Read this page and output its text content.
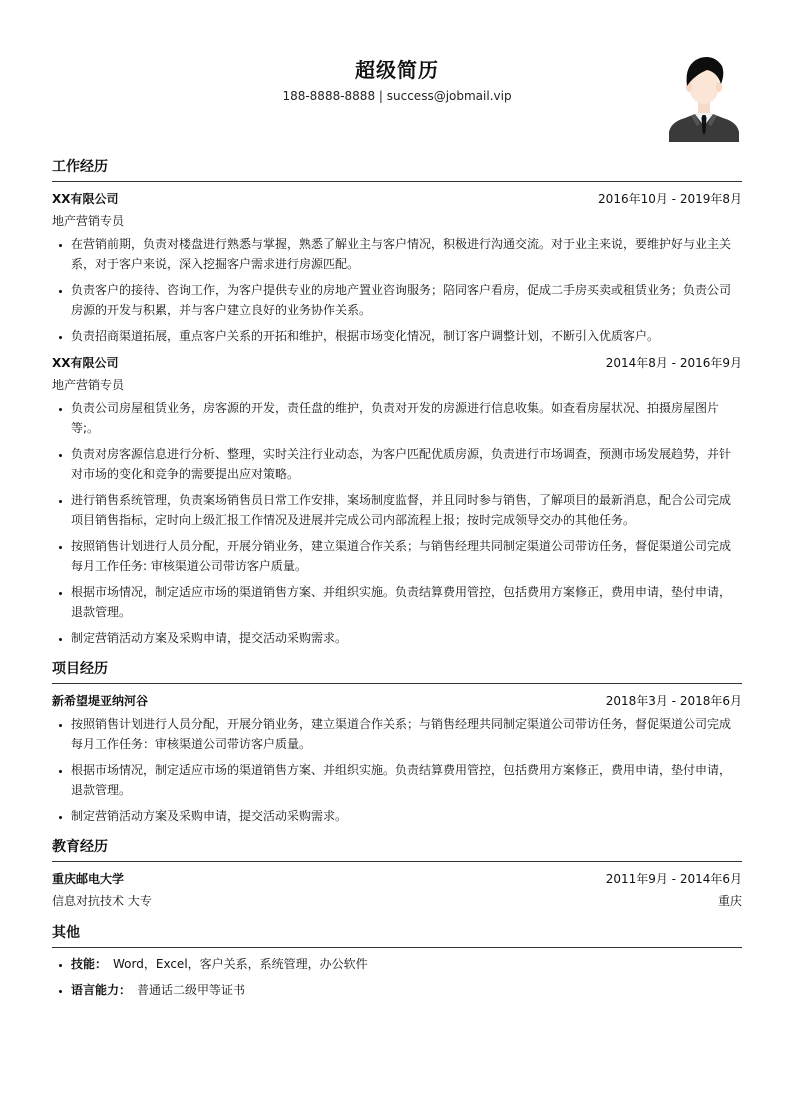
超级简历
188-8888-8888 | success@jobmail.vip
工作经历
XX有限公司	2016年10月 - 2019年8月
地产营销专员
• 在营销前期，负责对楼盘进行熟悉与掌握，熟悉了解业主与客户情况，积极进行沟通交流。对于业主来说，要维护好与业主关系，对于客户来说，深入挖掘客户需求进行房源匹配。
• 负责客户的接待、咨询工作，为客户提供专业的房地产置业咨询服务；陪同客户看房，促成二手房买卖或租赁业务；负责公司房源的开发与积累，并与客户建立良好的业务协作关系。
• 负责招商渠道拓展，重点客户关系的开拓和维护，根据市场变化情况，制订客户调整计划，不断引入优质客户。
XX有限公司	2014年8月 - 2016年9月
地产营销专员
• 负责公司房屋租赁业务，房客源的开发，责任盘的维护，负责对开发的房源进行信息收集。如查看房屋状况、拍摄房屋图片等;。
• 负责对房客源信息进行分析、整理，实时关注行业动态，为客户匹配优质房源，负责进行市场调查，预测市场发展趋势，并针对市场的变化和竞争的需要提出应对策略。
• 进行销售系统管理，负责案场销售员日常工作安排，案场制度监督，并且同时参与销售，了解项目的最新消息，配合公司完成项目销售指标，定时向上级汇报工作情况及进展并完成公司内部流程上报；按时完成领导交办的其他任务。
• 按照销售计划进行人员分配，开展分销业务，建立渠道合作关系；与销售经理共同制定渠道公司带访任务，督促渠道公司完成每月工作任务: 审核渠道公司带访客户质量。
• 根据市场情况，制定适应市场的渠道销售方案、并组织实施。负责结算费用管控，包括费用方案修正，费用申请，垫付申请，退款管理。
• 制定营销活动方案及采购申请，提交活动采购需求。
项目经历
新希望堤亚纳河谷	2018年3月 - 2018年6月
• 按照销售计划进行人员分配，开展分销业务，建立渠道合作关系；与销售经理共同制定渠道公司带访任务，督促渠道公司完成每月工作任务：审核渠道公司带访客户质量。
• 根据市场情况，制定适应市场的渠道销售方案、并组织实施。负责结算费用管控，包括费用方案修正，费用申请，垫付申请，退款管理。
• 制定营销活动方案及采购申请，提交活动采购需求。
教育经历
重庆邮电大学	2011年9月 - 2014年6月
信息对抗技术 大专	重庆
其他
• 技能： Word，Excel，客户关系，系统管理，办公软件
• 语言能力： 普通话二级甲等证书
